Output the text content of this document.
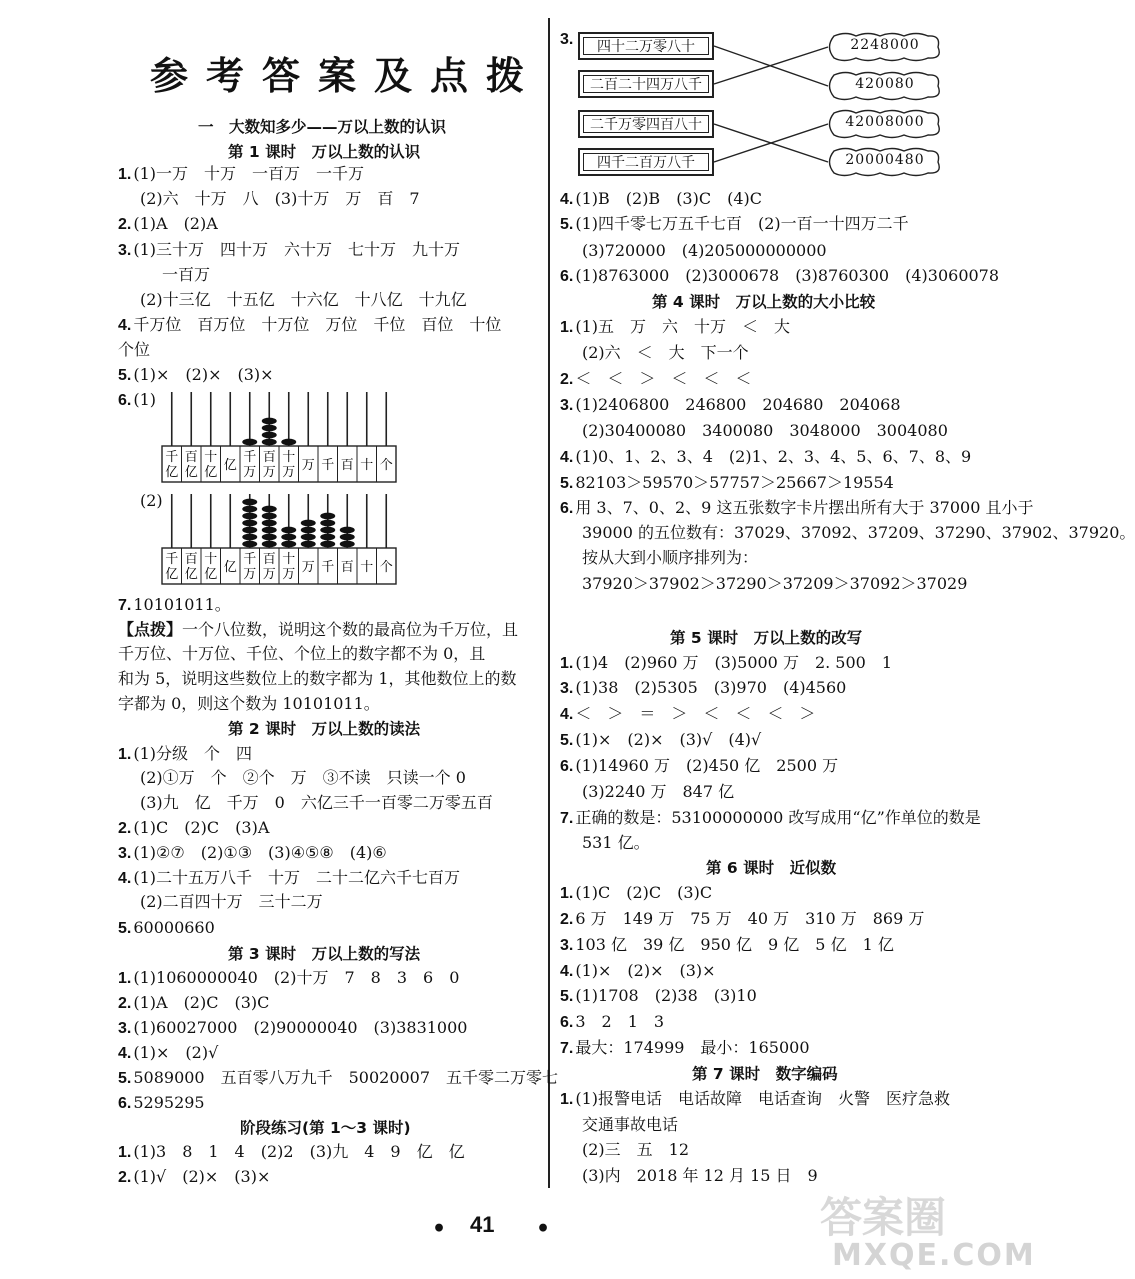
参考答案及点拨
一　大数知多少——万以上数的认识
第 1 课时　万以上数的认识
1. (1)一万　十万　一百万　一千万
(2)六　十万　八　(3)十万　万　百　7
2. (1)A　(2)A
3. (1)三十万　四十万　六十万　七十万　九十万
一百万
(2)十三亿　十五亿　十六亿　十八亿　十九亿
4. 千万位　百万位　十万位　万位　千位　百位　十位
个位
5. (1)×　(2)×　(3)×
6. (1)
(2)
7. 10101011。
千
亿
百
亿
十
亿 亿
千
万
百
万
十
万 万 千 百 十 个
千
亿
百
亿
十
亿 亿
千
万
百
万
十
万 万 千 百 十 个
【点拨】一个八位数，说明这个数的最高位为千万位，且
千万位、十万位、千位、个位上的数字都不为 0，且
和为 5，说明这些数位上的数字都为 1，其他数位上的数
字都为 0，则这个数为 10101011。
第 2 课时　万以上数的读法
1. (1)分级　个　四
(2)①万　个　②个　万　③不读　只读一个 0
(3)九　亿　千万　0　六亿三千一百零二万零五百
2. (1)C　(2)C　(3)A
3. (1)②⑦　(2)①③　(3)④⑤⑧　(4)⑥
4. (1)二十五万八千　十万　二十二亿六千七百万
(2)二百四十万　三十二万
5. 60000660
第 3 课时　万以上数的写法
1. (1)1060000040　(2)十万　7　8　3　6　0
2. (1)A　(2)C　(3)C
3. (1)60027000　(2)90000040　(3)3831000
4. (1)×　(2)√
5. 5089000　五百零八万九千　50020007　五千零二万零七
6. 5295295
阶段练习(第 1～3 课时)
1. (1)3　8　1　4　(2)2　(3)九　4　9　亿　亿
2. (1)√　(2)×　(3)×
3.	四十二万零八十
二百二十四万八千
二千万零四百八十
四千二百万八千
2248000
420080
42008000
20000480
4. (1)B　(2)B　(3)C　(4)C
5. (1)四千零七万五千七百　(2)一百一十四万二千
(3)720000　(4)205000000000
6. (1)8763000　(2)3000678　(3)8760300　(4)3060078
第 4 课时　万以上数的大小比较
1. (1)五　万　六　十万　＜　大
(2)六　＜　大　下一个
2. ＜　＜　＞　＜　＜　＜
3. (1)2406800　246800　204680　204068
(2)30400080　3400080　3048000　3004080
4. (1)0、1、2、3、4　(2)1、2、3、4、5、6、7、8、9
5. 82103＞59570＞57757＞25667＞19554
6. 用 3、7、0、2、9 这五张数字卡片摆出所有大于 37000 且小于
39000 的五位数有：37029、37092、37209、37290、37902、37920。
按从大到小顺序排列为：
37920＞37902＞37290＞37209＞37092＞37029
第 5 课时　万以上数的改写
1. (1)4　(2)960 万　(3)5000 万　2. 500　1
3. (1)38　(2)5305　(3)970　(4)4560
4. ＜　＞　＝　＞　＜　＜　＜　＞
5. (1)×　(2)×　(3)√　(4)√
6. (1)14960 万　(2)450 亿　2500 万
(3)2240 万　847 亿
7. 正确的数是：53100000000 改写成用“亿”作单位的数是
531 亿。
第 6 课时　近似数
1. (1)C　(2)C　(3)C
2. 6 万　149 万　75 万　40 万　310 万　869 万
3. 103 亿　39 亿　950 亿　9 亿　5 亿　1 亿
4. (1)×　(2)×　(3)×
5. (1)1708　(2)38　(3)10
6. 3　2　1　3
7. 最大：174999　最小：165000
第 7 课时　数字编码
1. (1)报警电话　电话故障　电话查询　火警　医疗急救
交通事故电话
(2)三　五　12
(3)内　2018 年 12 月 15 日　9
• 41 •	答案圈
MXQE.COM
